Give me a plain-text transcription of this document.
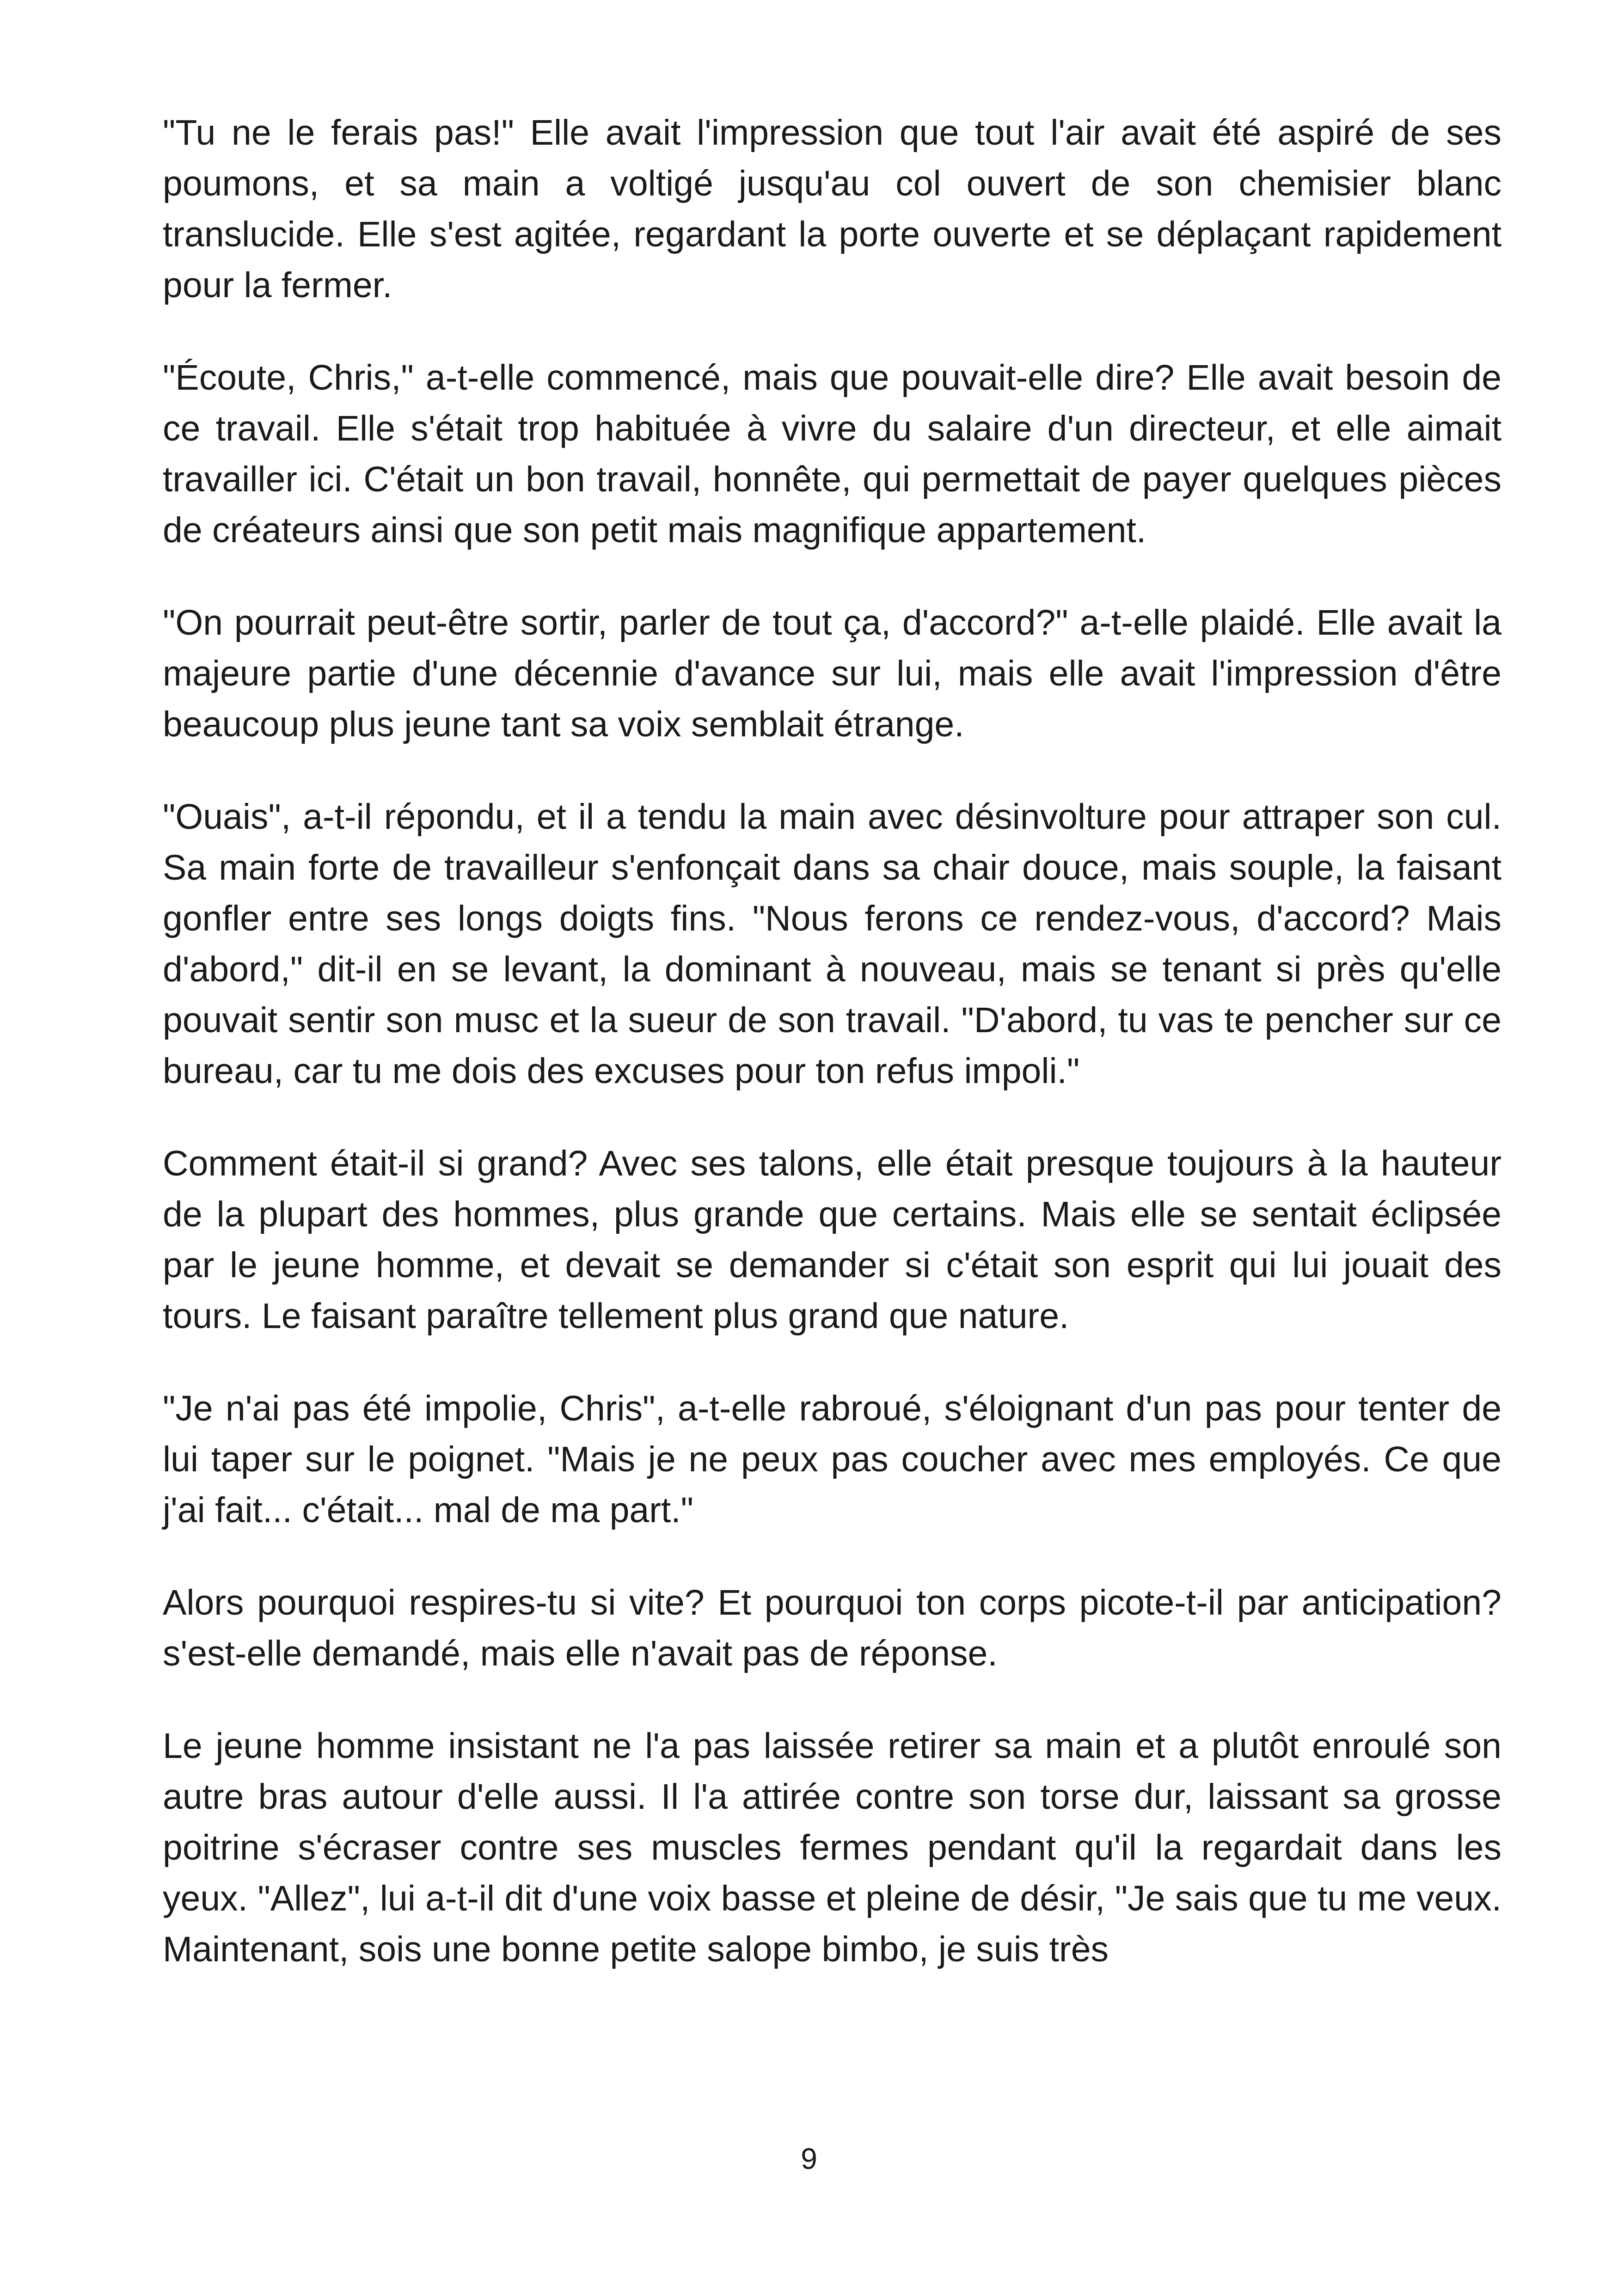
"Tu ne le ferais pas!" Elle avait l'impression que tout l'air avait été aspiré de ses poumons, et sa main a voltigé jusqu'au col ouvert de son chemisier blanc translucide. Elle s'est agitée, regardant la porte ouverte et se déplaçant rapidement pour la fermer.

"Écoute, Chris," a-t-elle commencé, mais que pouvait-elle dire? Elle avait besoin de ce travail. Elle s'était trop habituée à vivre du salaire d'un directeur, et elle aimait travailler ici. C'était un bon travail, honnête, qui permettait de payer quelques pièces de créateurs ainsi que son petit mais magnifique appartement.

"On pourrait peut-être sortir, parler de tout ça, d'accord?" a-t-elle plaidé. Elle avait la majeure partie d'une décennie d'avance sur lui, mais elle avait l'impression d'être beaucoup plus jeune tant sa voix semblait étrange.

"Ouais", a-t-il répondu, et il a tendu la main avec désinvolture pour attraper son cul. Sa main forte de travailleur s'enfonçait dans sa chair douce, mais souple, la faisant gonfler entre ses longs doigts fins. "Nous ferons ce rendez-vous, d'accord? Mais d'abord," dit-il en se levant, la dominant à nouveau, mais se tenant si près qu'elle pouvait sentir son musc et la sueur de son travail. "D'abord, tu vas te pencher sur ce bureau, car tu me dois des excuses pour ton refus impoli."

Comment était-il si grand? Avec ses talons, elle était presque toujours à la hauteur de la plupart des hommes, plus grande que certains. Mais elle se sentait éclipsée par le jeune homme, et devait se demander si c'était son esprit qui lui jouait des tours. Le faisant paraître tellement plus grand que nature.

"Je n'ai pas été impolie, Chris", a-t-elle rabroué, s'éloignant d'un pas pour tenter de lui taper sur le poignet. "Mais je ne peux pas coucher avec mes employés. Ce que j'ai fait... c'était... mal de ma part."

Alors pourquoi respires-tu si vite? Et pourquoi ton corps picote-t-il par anticipation? s'est-elle demandé, mais elle n'avait pas de réponse.

Le jeune homme insistant ne l'a pas laissée retirer sa main et a plutôt enroulé son autre bras autour d'elle aussi. Il l'a attirée contre son torse dur, laissant sa grosse poitrine s'écraser contre ses muscles fermes pendant qu'il la regardait dans les yeux. "Allez", lui a-t-il dit d'une voix basse et pleine de désir, "Je sais que tu me veux. Maintenant, sois une bonne petite salope bimbo, je suis très

9
